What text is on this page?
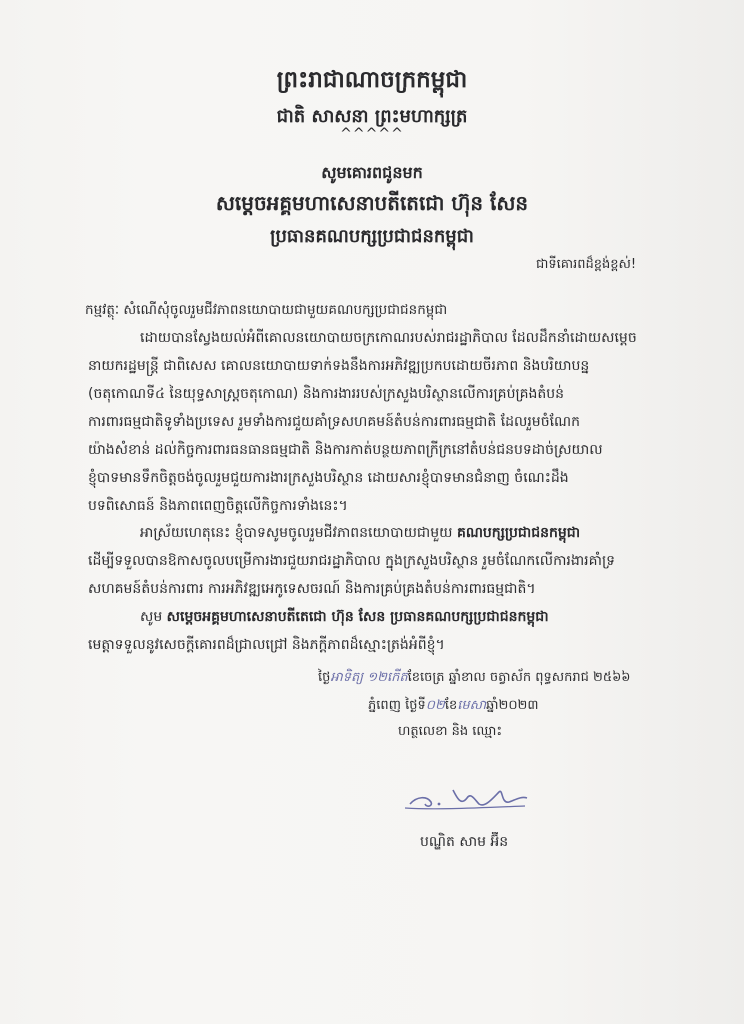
ព្រះរាជាណាចក្រកម្ពុជា
ជាតិ សាសនា ព្រះមហាក្សត្រ
^^^^^
សូមគោរពជូនមក
សម្តេចអគ្គមហាសេនាបតីតេជោ ហ៊ុន សែន
ប្រធានគណបក្សប្រជាជនកម្ពុជា
ជាទីគោរពដ៏ខ្ពង់ខ្ពស់!
កម្មវត្ថុៈ សំណើសុំចូលរួមជីវភាពនយោបាយជាមួយគណបក្សប្រជាជនកម្ពុជា
ដោយបានស្វែងយល់អំពីគោលនយោបាយចក្រកោណរបស់រាជរដ្ឋាភិបាល ដែលដឹកនាំដោយសម្តេច
នាយករដ្ឋមន្ត្រី ជាពិសេស គោលនយោបាយទាក់ទងនឹងការអភិវឌ្ឍប្រកបដោយចីរភាព និងបរិយាបន្ន
(ចតុកោណទី៤ នៃយុទ្ធសាស្ត្រចតុកោណ) និងការងាររបស់ក្រសួងបរិស្ថានលើការគ្រប់គ្រងតំបន់
ការពារធម្មជាតិទូទាំងប្រទេស រួមទាំងការជួយគាំទ្រសហគមន៍តំបន់ការពារធម្មជាតិ ដែលរួមចំណែក
យ៉ាងសំខាន់ ដល់កិច្ចការពារធនធានធម្មជាតិ និងការកាត់បន្ថយភាពក្រីក្រនៅតំបន់ជនបទដាច់ស្រយាល
ខ្ញុំបាទមានទឹកចិត្តចង់ចូលរួមជួយការងារក្រសួងបរិស្ថាន ដោយសារខ្ញុំបាទមានជំនាញ ចំណេះដឹង
បទពិសោធន៍ និងភាពពេញចិត្តលើកិច្ចការទាំងនេះ។
អាស្រ័យហេតុនេះ ខ្ញុំបាទសូមចូលរួមជីវភាពនយោបាយជាមួយ គណបក្សប្រជាជនកម្ពុជា
ដើម្បីទទួលបានឱកាសចូលបម្រើការងារជួយរាជរដ្ឋាភិបាល ក្នុងក្រសួងបរិស្ថាន រួមចំណែកលើការងារគាំទ្រ
សហគមន៍តំបន់ការពារ ការអភិវឌ្ឍអេកូទេសចរណ៍ និងការគ្រប់គ្រងតំបន់ការពារធម្មជាតិ។
សូម សម្តេចអគ្គមហាសេនាបតីតេជោ ហ៊ុន សែន ប្រធានគណបក្សប្រជាជនកម្ពុជា
មេត្តាទទួលនូវសេចក្តីគោរពដ៏ជ្រាលជ្រៅ និងភក្តីភាពដ៏ស្មោះត្រង់អំពីខ្ញុំ។
ថ្ងៃអាទិត្យ ១២កើតខែចេត្រ ឆ្នាំខាល ចត្វាស័ក ពុទ្ធសករាជ ២៥៦៦
ភ្នំពេញ ថ្ងៃទី០២ខែមេសាឆ្នាំ២០២៣
ហត្ថលេខា និង ឈ្មោះ
បណ្ឌិត សាម អ៊ីន
